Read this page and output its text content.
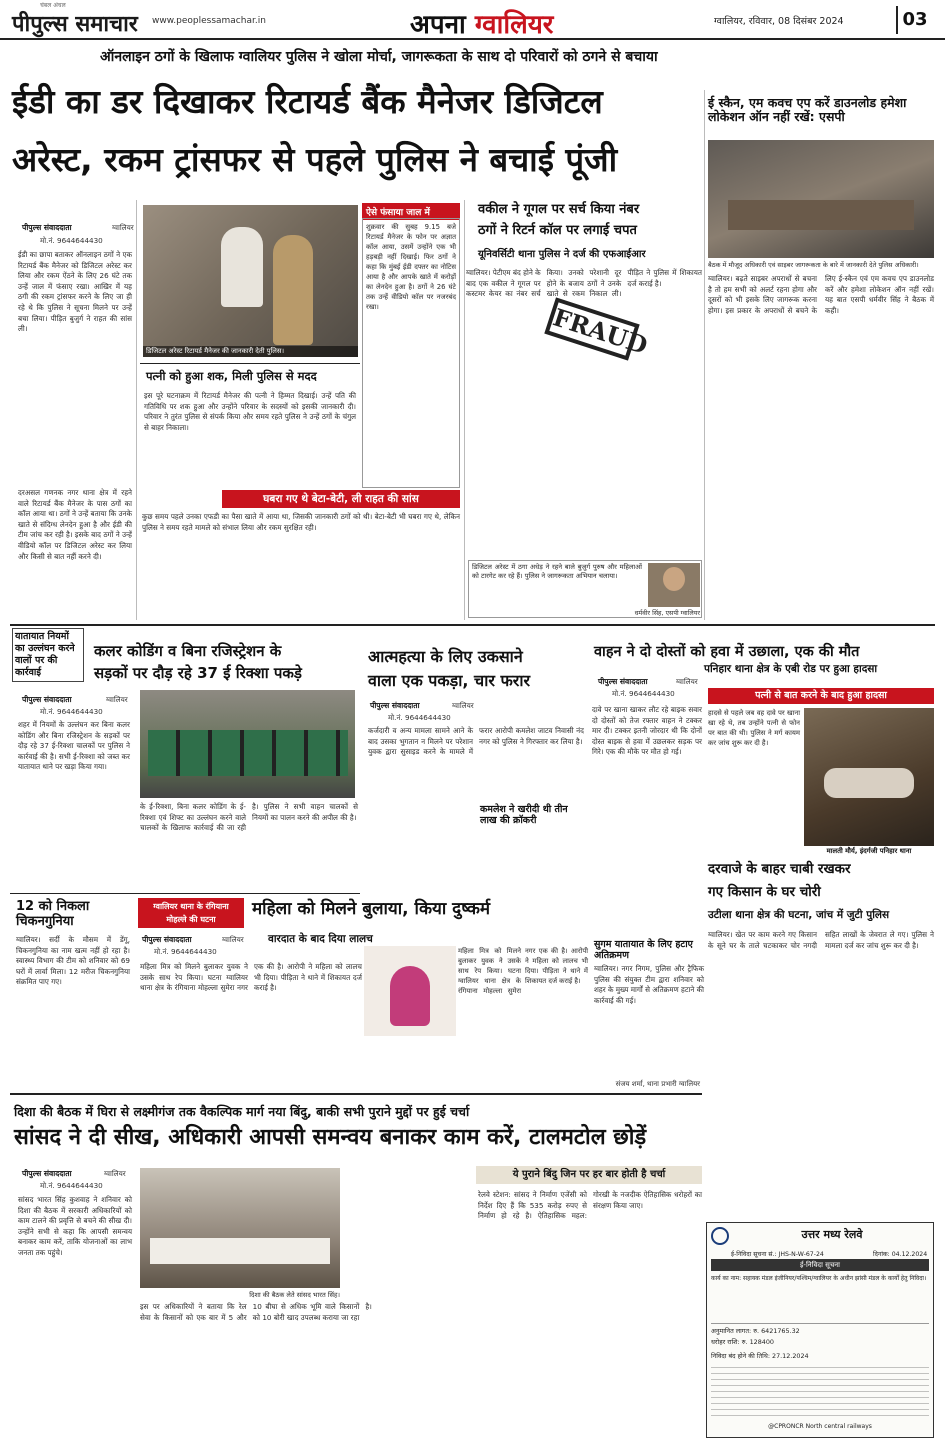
चंबल अंचल
पीपुल्स समाचार www.peoplessamachar.in	अपना ग्वालियर	ग्वालियर, रविवार, 08 दिसंबर 2024	03
ऑनलाइन ठगों के खिलाफ ग्वालियर पुलिस ने खोला मोर्चा, जागरूकता के साथ दो परिवारों को ठगने से बचाया
ईडी का डर दिखाकर रिटायर्ड बैंक मैनेजर डिजिटल
अरेस्ट, रकम ट्रांसफर से पहले पुलिस ने बचाई पूंजी
पीपुल्स संवाददाता	ग्वालियर
मो.नं. 9644644430
ईडी का छापा बताकर ऑनलाइन ठगों ने एक रिटायर्ड बैंक मैनेजर को डिजिटल अरेस्ट कर लिया और रकम ऐंठने के लिए 26 घंटे तक उन्हें जाल में फंसाए रखा। आखिर में यह ठगी की रकम ट्रांसफर करने के लिए जा ही रहे थे कि पुलिस ने सूचना मिलने पर उन्हें बचा लिया। पीड़ित बुजुर्ग ने राहत की सांस ली।
डिजिटल अरेस्ट रिटायर्ड मैनेजर की जानकारी देती पुलिस।
ऐसे फंसाया जाल में
शुक्रवार की सुबह 9.15 बजे रिटायर्ड मैनेजर के फोन पर अज्ञात कॉल आया, उसमें उन्होंने एक भी हड़बड़ी नहीं दिखाई। फिर ठगों ने कहा कि मुंबई ईडी दफ्तर का नोटिस आया है और आपके खाते में करोड़ों का लेनदेन हुआ है। ठगों ने 26 घंटे तक उन्हें वीडियो कॉल पर नजरबंद रखा।
पत्नी को हुआ शक, मिली पुलिस से मदद
इस पूरे घटनाक्रम में रिटायर्ड मैनेजर की पत्नी ने हिम्मत दिखाई। उन्हें पति की गतिविधि पर शक हुआ और उन्होंने परिवार के सदस्यों को इसकी जानकारी दी। परिवार ने तुरंत पुलिस से संपर्क किया और समय रहते पुलिस ने उन्हें ठगों के चंगुल से बाहर निकाला।
दरअसल गणनक नगर थाना क्षेत्र में रहने वाले रिटायर्ड बैंक मैनेजर के पास ठगों का कॉल आया था। ठगों ने उन्हें बताया कि उनके खाते से संदिग्ध लेनदेन हुआ है और ईडी की टीम जांच कर रही है। इसके बाद ठगों ने उन्हें वीडियो कॉल पर डिजिटल अरेस्ट कर लिया और किसी से बात नहीं करने दी।
घबरा गए थे बेटा-बेटी, ली राहत की सांस
कुछ समय पहले उनका एफडी का पैसा खाते में आया था, जिसकी जानकारी ठगों को थी। बेटा-बेटी भी घबरा गए थे, लेकिन पुलिस ने समय रहते मामले को संभाल लिया और रकम सुरक्षित रही।
ई स्कैन, एम कवच एप करें डाउनलोड हमेशा लोकेशन ऑन नहीं रखें: एसपी
बैठक में मौजूद अधिकारी एवं साइबर जागरूकता के बारे में जानकारी देते पुलिस अधिकारी।
ग्वालियर। बढ़ते साइबर अपराधों से बचना है तो हम सभी को अलर्ट रहना होगा और दूसरों को भी इसके लिए जागरूक करना होगा। इस प्रकार के अपराधों से बचने के लिए ई-स्कैन एवं एम कवच एप डाउनलोड करें और हमेशा लोकेशन ऑन नहीं रखें। यह बात एसपी धर्मवीर सिंह ने बैठक में कही।
वकील ने गूगल पर सर्च किया नंबर
ठगों ने रिटर्न कॉल पर लगाई चपत
यूनिवर्सिटी थाना पुलिस ने दर्ज की एफआईआर
FRAUD
ग्वालियर। पेटीएम बंद होने के बाद एक वकील ने गूगल पर कस्टमर केयर का नंबर सर्च किया। उनको परेशानी दूर होने के बजाय ठगों ने उनके खाते से रकम निकाल ली। पीड़ित ने पुलिस में शिकायत दर्ज कराई है।
डिजिटल अरेस्ट में ठगा अधेड़ ने रहने बाले बुजुर्ग पुरुष और महिलाओं को टारगेट कर रहे हैं। पुलिस ने जागरूकता अभियान चलाया।
धर्मवीर सिंह, एसपी ग्वालियर
यातायात नियमों का उल्लंघन करने वालों पर की कार्रवाई
कलर कोडिंग व बिना रजिस्ट्रेशन के
सड़कों पर दौड़ रहे 37 ई रिक्शा पकड़े
पीपुल्स संवाददाता	ग्वालियर
मो.नं. 9644644430
शहर में नियमों के उल्लंघन कर बिना कलर कोडिंग और बिना रजिस्ट्रेशन के सड़कों पर दौड़ रहे 37 ई-रिक्शा चालकों पर पुलिस ने कार्रवाई की है। सभी ई-रिक्शा को जब्त कर यातायात थाने पर खड़ा किया गया।
के ई-रिक्शा, बिना कलर कोडिंग के ई-रिक्शा एवं शिफ्ट का उल्लंघन करने वाले चालकों के खिलाफ कार्रवाई की जा रही है। पुलिस ने सभी वाहन चालकों से नियमों का पालन करने की अपील की है।
आत्महत्या के लिए उकसाने
वाला एक पकड़ा, चार फरार
पीपुल्स संवाददाता	ग्वालियर
मो.नं. 9644644430
कर्जदारी व अन्य मामला सामने आने के बाद उसका भुगतान न मिलने पर परेशान युवक द्वारा सुसाइड करने के मामले में फरार आरोपी कमलेश जाटव निवासी नंद नगर को पुलिस ने गिरफ्तार कर लिया है।
कमलेश ने खरीदी थी तीन लाख की क्रॉकरी
वाहन ने दो दोस्तों को हवा में उछाला, एक की मौत
पनिहार थाना क्षेत्र के एबी रोड पर हुआ हादसा
पीपुल्स संवाददाता	ग्वालियर
मो.नं. 9644644430
दावे पर खाना खाकर लौट रहे बाइक सवार दो दोस्तों को तेज रफ्तार वाहन ने टक्कर मार दी। टक्कर इतनी जोरदार थी कि दोनों दोस्त बाइक से हवा में उछलकर सड़क पर गिरे। एक की मौके पर मौत हो गई।
पत्नी से बात करने के बाद हुआ हादसा
हादसे से पहले जब वह दावे पर खाना खा रहे थे, तब उन्होंने पत्नी से फोन पर बात की थी। पुलिस ने मर्ग कायम कर जांच शुरू कर दी है।
मालती मौर्य, इंदर्गजी पनिहार थाना
12 को निकला चिकनगुनिया
ग्वालियर। सर्दी के मौसम में डेंगू, चिकनगुनिया का नाम खत्म नहीं हो रहा है। स्वास्थ्य विभाग की टीम को शनिवार को 69 घरों में लार्वा मिला। 12 मरीज चिकनगुनिया संक्रमित पाए गए।
ग्वालियर थाना के रंगियाना
मोहल्ले की घटना
महिला को मिलने बुलाया, किया दुष्कर्म
वारदात के बाद दिया लालच
पीपुल्स संवाददाता	ग्वालियर
मो.नं. 9644644430
महिला मित्र को मिलने बुलाकर युवक ने उसके साथ रेप किया। घटना ग्वालियर थाना क्षेत्र के रंगियाना मोहल्ला सुमेरा नगर एक की है। आरोपी ने महिला को लालच भी दिया। पीड़िता ने थाने में शिकायत दर्ज कराई है।
महिला मित्र को मिलने बुलाकर युवक ने उसके साथ रेप किया। घटना ग्वालियर थाना क्षेत्र के रंगियाना मोहल्ला सुमेरा नगर एक की है। आरोपी ने महिला को लालच भी दिया। पीड़िता ने थाने में शिकायत दर्ज कराई है।
सुगम यातायात के लिए हटाए अतिक्रमण
ग्वालियर। नगर निगम, पुलिस और ट्रैफिक पुलिस की संयुक्त टीम द्वारा शनिवार को शहर के मुख्य मार्गों से अतिक्रमण हटाने की कार्रवाई की गई।
संजय शर्मा, थाना प्रभारी ग्वालियर
दरवाजे के बाहर चाबी रखकर
गए किसान के घर चोरी
उटीला थाना क्षेत्र की घटना, जांच में जुटी पुलिस
ग्वालियर। खेत पर काम करने गए किसान के सूने घर के ताले चटकाकर चोर नगदी सहित लाखों के जेवरात ले गए। पुलिस ने मामला दर्ज कर जांच शुरू कर दी है।
दिशा की बैठक में घिरा से लक्ष्मीगंज तक वैकल्पिक मार्ग नया बिंदु, बाकी सभी पुराने मुद्दों पर हुई चर्चा
सांसद ने दी सीख, अधिकारी आपसी समन्वय बनाकर काम करें, टालमटोल छोड़ें
पीपुल्स संवाददाता	ग्वालियर
मो.नं. 9644644430
सांसद भारत सिंह कुशवाह ने शनिवार को दिशा की बैठक में सरकारी अधिकारियों को काम टालने की प्रवृत्ति से बचने की सीख दी। उन्होंने सभी से कहा कि आपसी समन्वय बनाकर काम करें, ताकि योजनाओं का लाभ जनता तक पहुंचे।
दिशा की बैठक लेते सांसद भारत सिंह।
इस पर अधिकारियों ने बताया कि रेल सेवा के किसानों को एक बार में 5 और 10 बीघा से अधिक भूमि वाले किसानों को 10 बोरी खाद उपलब्ध कराया जा रहा है।
ये पुराने बिंदु जिन पर हर बार होती है चर्चा
रेलवे स्टेशन: सांसद ने निर्माण एजेंसी को निर्देश दिए हैं कि 535 करोड़ रुपए से निर्माण हो रहे है। ऐतिहासिक महल: गोरखी के नजदीक ऐतिहासिक धरोहरों का संरक्षण किया जाए।
उत्तर मध्य रेलवे
ई-निविदा सूचना सं.: JHS-N-W-67-24	दिनांक: 04.12.2024
ई-निविदा सूचना
कार्य का नाम: सहायक मंडल इंजीनियर/पश्चिम/ग्वालियर के अधीन झांसी मंडल के कार्यों हेतु निविदा।
अनुमानित लागत: रु. 6421765.32
धरोहर राशि: रु. 128400
निविदा बंद होने की तिथि: 27.12.2024
@CPRONCR North central railways
